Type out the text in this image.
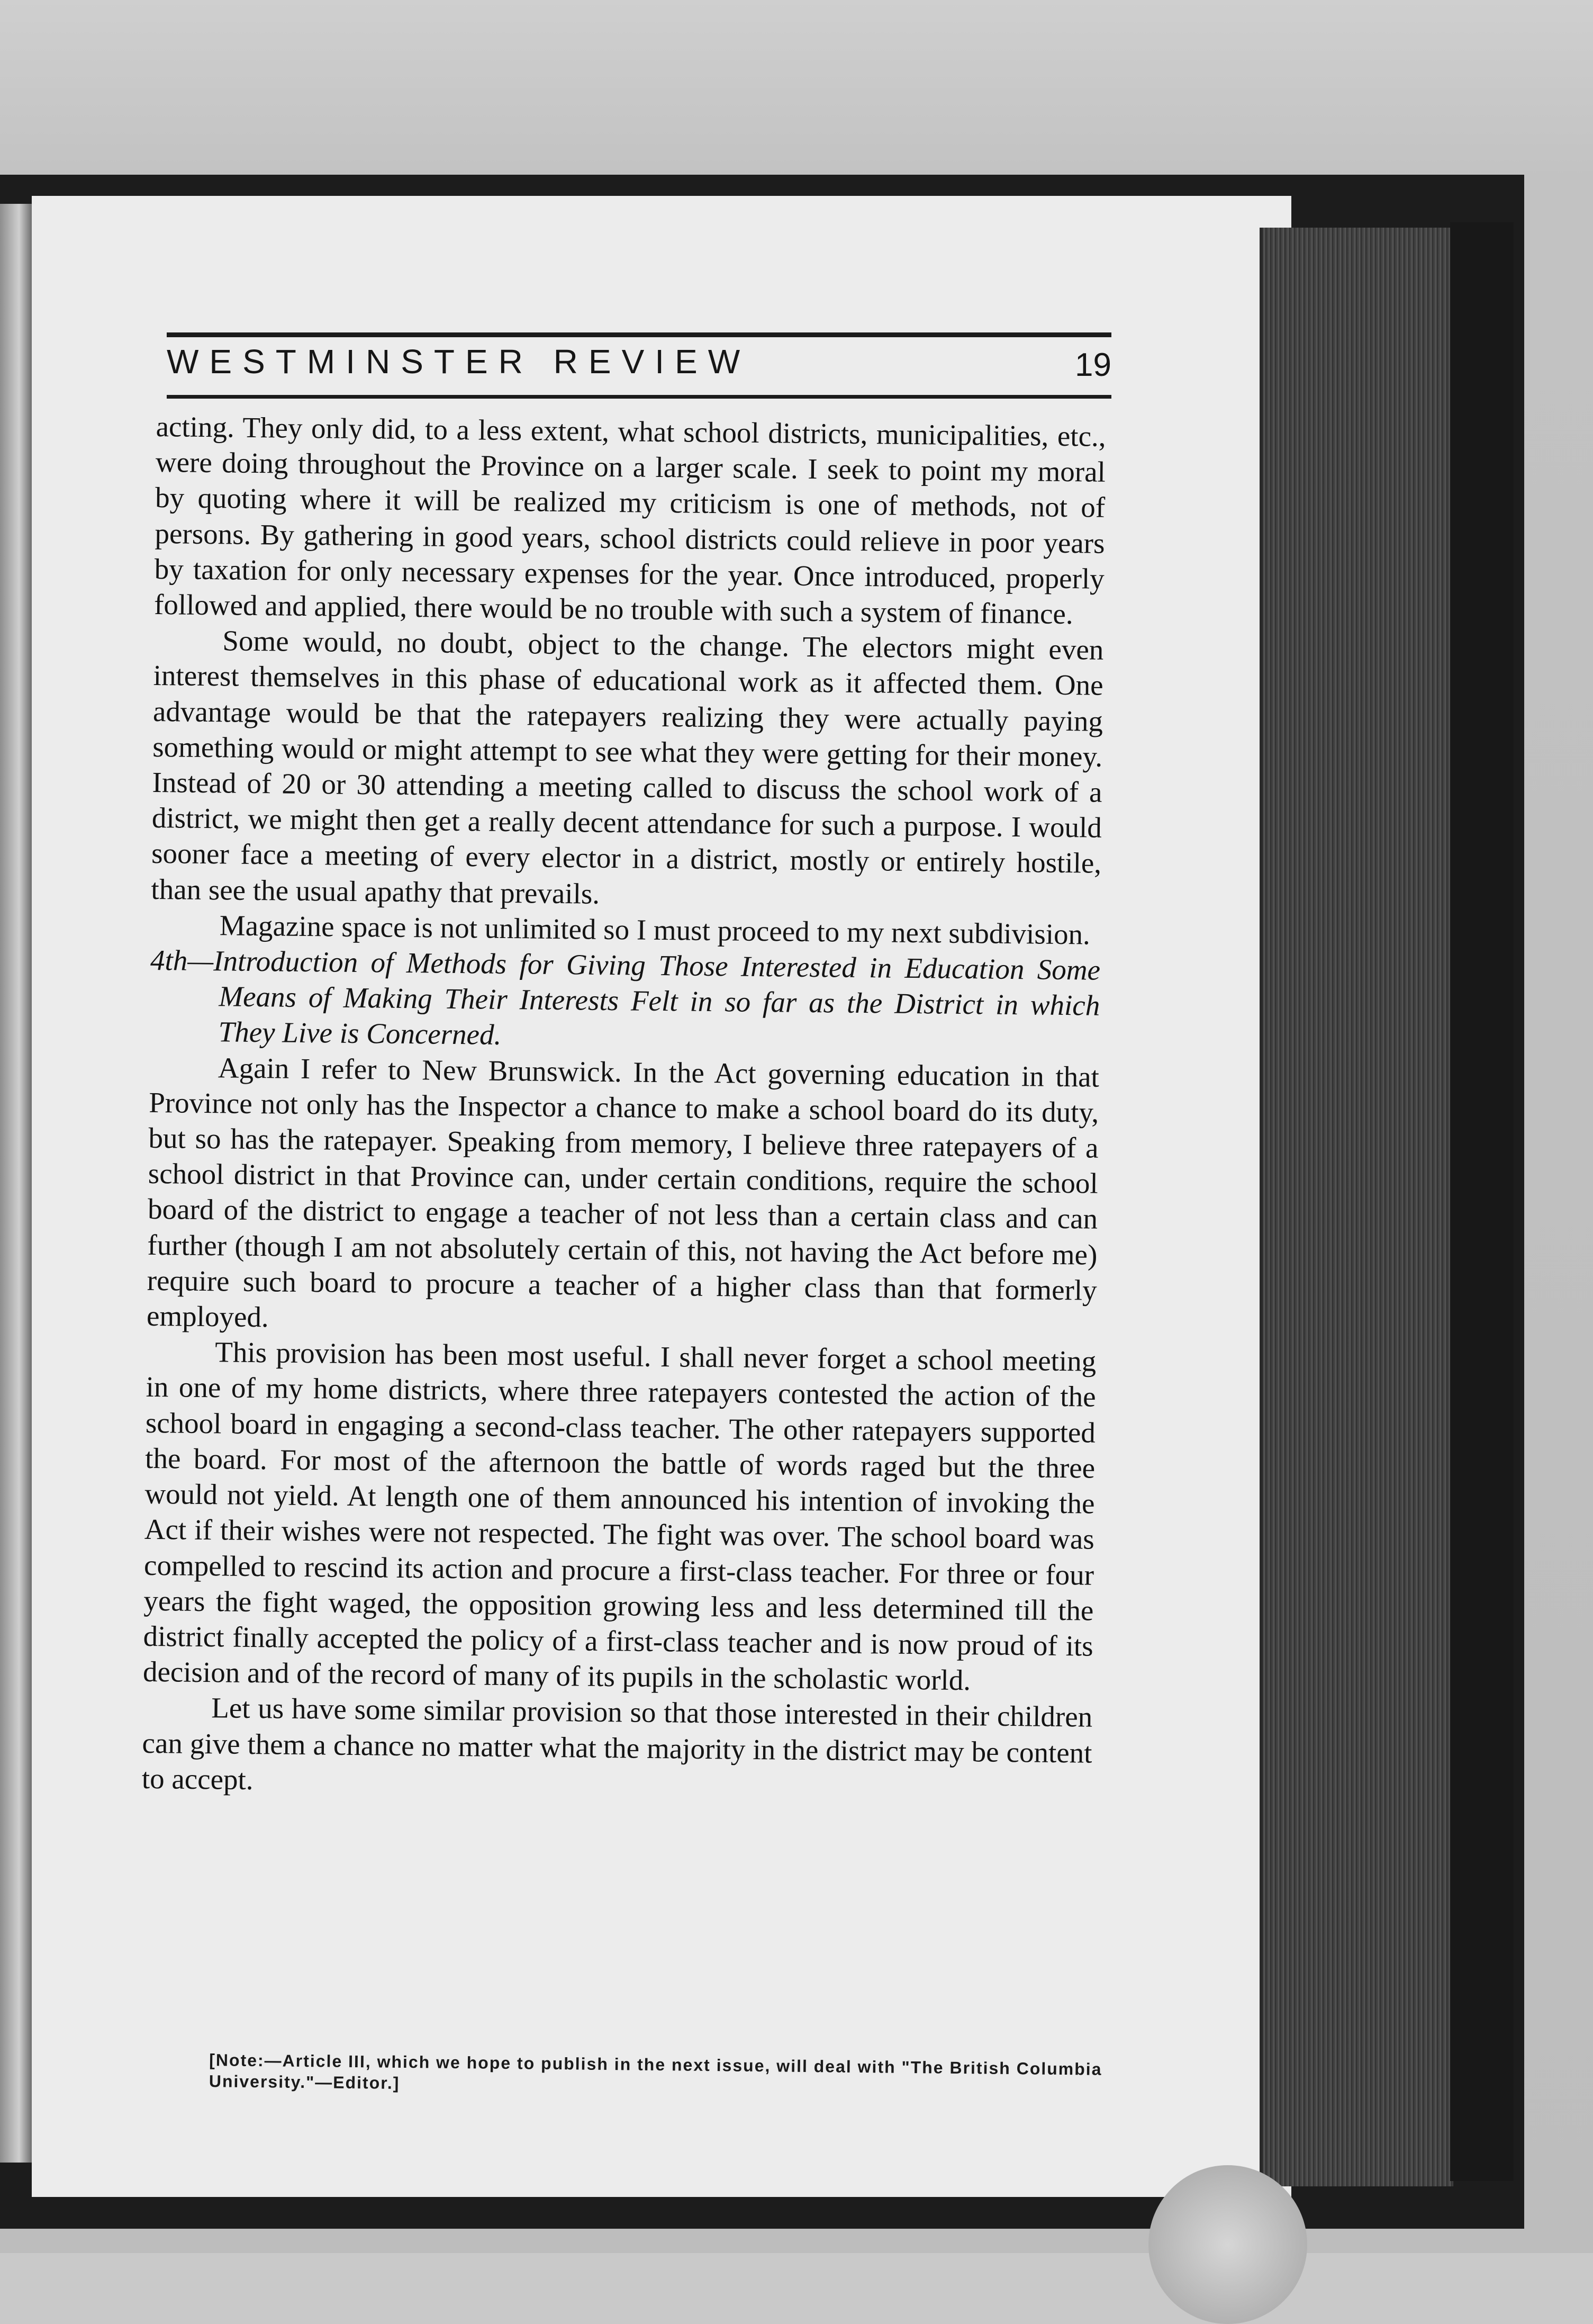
WESTMINSTER REVIEW	19

acting. They only did, to a less extent, what school districts, municipalities, etc., were doing throughout the Province on a larger scale. I seek to point my moral by quoting where it will be realized my criticism is one of methods, not of persons. By gathering in good years, school districts could relieve in poor years by taxation for only necessary expenses for the year. Once introduced, properly followed and applied, there would be no trouble with such a system of finance.

Some would, no doubt, object to the change. The electors might even interest themselves in this phase of educational work as it affected them. One advantage would be that the ratepayers realizing they were actually paying something would or might attempt to see what they were getting for their money. Instead of 20 or 30 attending a meeting called to discuss the school work of a district, we might then get a really decent attendance for such a purpose. I would sooner face a meeting of every elector in a district, mostly or entirely hostile, than see the usual apathy that prevails.

Magazine space is not unlimited so I must proceed to my next subdivision.

4th—Introduction of Methods for Giving Those Interested in Education Some Means of Making Their Interests Felt in so far as the District in which They Live is Concerned.

Again I refer to New Brunswick. In the Act governing education in that Province not only has the Inspector a chance to make a school board do its duty, but so has the ratepayer. Speaking from memory, I believe three ratepayers of a school district in that Province can, under certain conditions, require the school board of the district to engage a teacher of not less than a certain class and can further (though I am not absolutely certain of this, not having the Act before me) require such board to procure a teacher of a higher class than that formerly employed.

This provision has been most useful. I shall never forget a school meeting in one of my home districts, where three ratepayers contested the action of the school board in engaging a second-class teacher. The other ratepayers supported the board. For most of the afternoon the battle of words raged but the three would not yield. At length one of them announced his intention of invoking the Act if their wishes were not respected. The fight was over. The school board was compelled to rescind its action and procure a first-class teacher. For three or four years the fight waged, the opposition growing less and less determined till the district finally accepted the policy of a first-class teacher and is now proud of its decision and of the record of many of its pupils in the scholastic world.

Let us have some similar provision so that those interested in their children can give them a chance no matter what the majority in the district may be content to accept.

[Note:—Article III, which we hope to publish in the next issue, will deal with "The British Columbia University."—Editor.]
